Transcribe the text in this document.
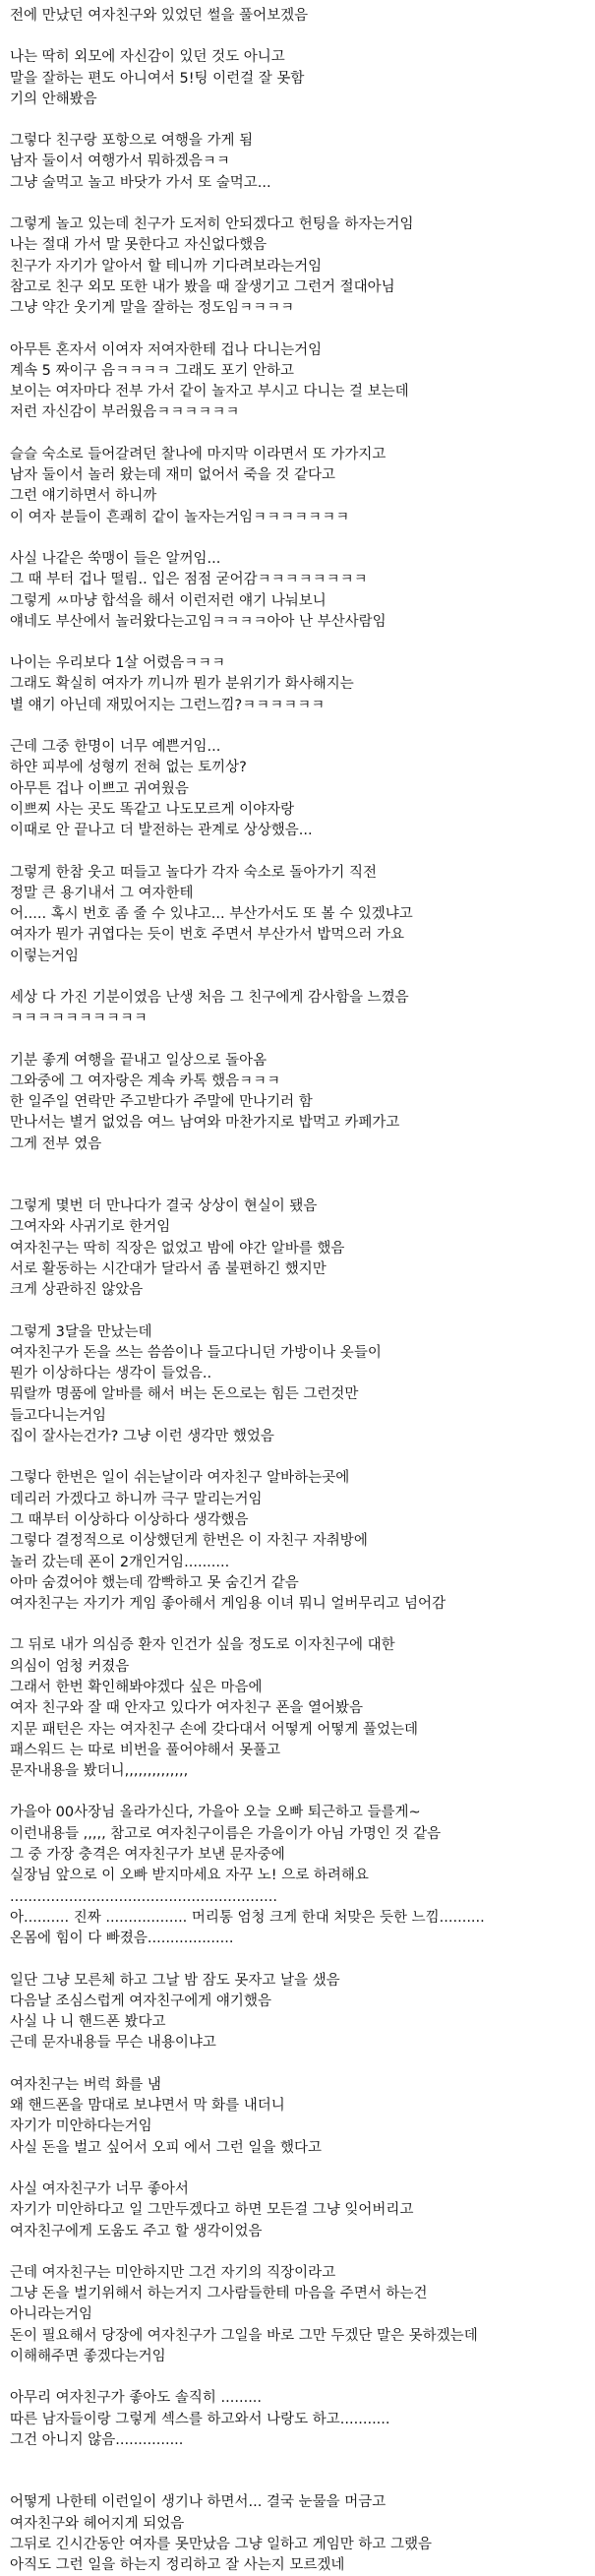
전에 만났던 여자친구와 있었던 썰을 풀어보겠음
나는 딱히 외모에 자신감이 있던 것도 아니고
말을 잘하는 편도 아니여서 5!팅 이런걸 잘 못함
기의 안해봤음
그렇다 친구랑 포항으로 여행을 가게 됨
남자 둘이서 여행가서 뭐하겠음ㅋㅋ
그냥 술먹고 놀고 바닷가 가서 또 술먹고...
그렇게 놀고 있는데 친구가 도저히 안되겠다고 헌팅을 하자는거임
나는 절대 가서 말 못한다고 자신없다했음
친구가 자기가 알아서 할 테니까 기다려보라는거임
참고로 친구 외모 또한 내가 봤을 때 잘생기고 그런거 절대아님
그냥 약간 웃기게 말을 잘하는 정도임ㅋㅋㅋㅋ
아무튼 혼자서 이여자 저여자한테 겁나 다니는거임
계속 5 짜이구 음ㅋㅋㅋㅋ 그래도 포기 안하고
보이는 여자마다 전부 가서 같이 놀자고 부시고 다니는 걸 보는데
저런 자신감이 부러웠음ㅋㅋㅋㅋㅋㅋ
슬슬 숙소로 들어갈려던 찰나에 마지막 이라면서 또 가가지고
남자 둘이서 놀러 왔는데 재미 없어서 죽을 것 같다고
그런 얘기하면서 하니까
이 여자 분들이 흔쾌히 같이 놀자는거임ㅋㅋㅋㅋㅋㅋㅋ
사실 나같은 쑥맹이 들은 알꺼임...
그 때 부터 겁나 떨림.. 입은 점점 굳어감ㅋㅋㅋㅋㅋㅋㅋㅋ
그렇게 ㅆ마냥 합석을 해서 이런저런 얘기 나눠보니
얘네도 부산에서 놀러왔다는고임ㅋㅋㅋㅋ아아 난 부산사람임
나이는 우리보다 1살 어렸음ㅋㅋㅋ
그래도 확실히 여자가 끼니까 뭔가 분위기가 화사해지는
별 얘기 아닌데 재밌어지는 그런느낌?ㅋㅋㅋㅋㅋㅋ
근데 그중 한명이 너무 예쁜거임...
하얀 피부에 성형끼 전혀 없는 토끼상?
아무튼 겁나 이쁘고 귀여웠음
이쁘찌 사는 곳도 똑같고 나도모르게 이야자랑
이때로 안 끝나고 더 발전하는 관계로 상상했음...
그렇게 한참 웃고 떠들고 놀다가 각자 숙소로 돌아가기 직전
정말 큰 용기내서 그 여자한테
어..... 혹시 번호 좀 줄 수 있냐고... 부산가서도 또 볼 수 있겠냐고
여자가 뭔가 귀엽다는 듯이 번호 주면서 부산가서 밥먹으러 가요
이렇는거임
세상 다 가진 기분이였음 난생 처음 그 친구에게 감사함을 느꼈음
ㅋㅋㅋㅋㅋㅋㅋㅋㅋㅋ
기분 좋게 여행을 끝내고 일상으로 돌아옴
그와중에 그 여자랑은 계속 카톡 했음ㅋㅋㅋ
한 일주일 연락만 주고받다가 주말에 만나기러 함
만나서는 별거 없었음 여느 남여와 마찬가지로 밥먹고 카페가고
그게 전부 였음
그렇게 몇번 더 만나다가 결국 상상이 현실이 됐음
그여자와 사귀기로 한거임
여자친구는 딱히 직장은 없었고 밤에 야간 알바를 했음
서로 활동하는 시간대가 달라서 좀 불편하긴 했지만
크게 상관하진 않았음
그렇게 3달을 만났는데
여자친구가 돈을 쓰는 씀씀이나 들고다니던 가방이나 옷들이
뭔가 이상하다는 생각이 들었음..
뭐랄까 명품에 알바를 해서 버는 돈으로는 힘든 그런것만
들고다니는거임
집이 잘사는건가? 그냥 이런 생각만 했었음
그렇다 한번은 일이 쉬는날이라 여자친구 알바하는곳에
데리러 가겠다고 하니까 극구 말리는거임
그 때부터 이상하다 이상하다 생각했음
그렇다 결정적으로 이상했던게 한번은 이 자친구 자취방에
놀러 갔는데 폰이 2개인거임..........
아마 숨겼어야 했는데 깜빡하고 못 숨긴거 같음
여자친구는 자기가 게임 좋아해서 게임용 이녀 뭐니 얼버무리고 넘어감
그 뒤로 내가 의심증 환자 인건가 싶을 정도로 이자친구에 대한
의심이 엄청 커졌음
그래서 한번 확인해봐야겠다 싶은 마음에
여자 친구와 잘 때 안자고 있다가 여자친구 폰을 열어봤음
지문 패턴은 자는 여자친구 손에 갖다대서 어떻게 어떻게 풀었는데
패스워드 는 따로 비번을 풀어야해서 못풀고
문자내용을 봤더니,,,,,,,,,,,,,,
가을아 00사장님 올라가신다, 가을아 오늘 오빠 퇴근하고 들를게~
이런내용들 ,,,,, 참고로 여자친구이름은 가을이가 아님 가명인 것 같음
그 중 가장 충격은 여자친구가 보낸 문자중에
실장님 앞으로 이 오빠 받지마세요 자꾸 노! 으로 하려해요
...........................................................
아.......... 진짜 .................. 머리통 엄청 크게 한대 처맞은 듯한 느낌..........
온몸에 힘이 다 빠졌음...................
일단 그냥 모른체 하고 그날 밤 잠도 못자고 날을 샜음
다음날 조심스럽게 여자친구에게 얘기했음
사실 나 니 핸드폰 봤다고
근데 문자내용들 무슨 내용이냐고
여자친구는 버럭 화를 냄
왜 핸드폰을 맘대로 보냐면서 막 화를 내더니
자기가 미안하다는거임
사실 돈을 벌고 싶어서 오피 에서 그런 일을 했다고
사실 여자친구가 너무 좋아서
자기가 미안하다고 일 그만두겠다고 하면 모든걸 그냥 잊어버리고
여자친구에게 도움도 주고 할 생각이었음
근데 여자친구는 미안하지만 그건 자기의 직장이라고
그냥 돈을 벌기위해서 하는거지 그사람들한테 마음을 주면서 하는건
아니라는거임
돈이 필요해서 당장에 여자친구가 그일을 바로 그만 두겠단 말은 못하겠는데
이해해주면 좋겠다는거임
아무리 여자친구가 좋아도 솔직히 .........
따른 남자들이랑 그렇게 섹스를 하고와서 나랑도 하고...........
그건 아니지 않음...............
어떻게 나한테 이런일이 생기나 하면서... 결국 눈물을 머금고
여자친구와 헤어지게 되었음
그뒤로 긴시간동안 여자를 못만났음 그냥 일하고 게임만 하고 그랬음
아직도 그런 일을 하는지 정리하고 잘 사는지 모르겠네
